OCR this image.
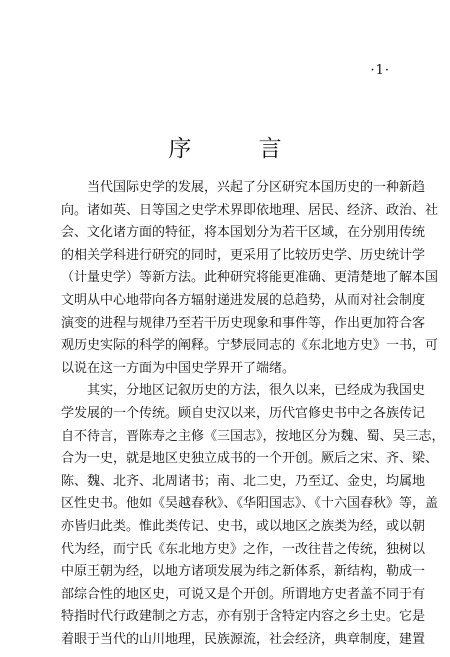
·1·
序 言
当代国际史学的发展，兴起了分区研究本国历史的一种新趋
向。诸如英、日等国之史学术界即依地理、居民、经济、政治、社
会、文化诸方面的特征，将本国划分为若干区域，在分别用传统
的相关学科进行研究的同时，更采用了比较历史学、历史统计学
（计量史学）等新方法。此种研究将能更准确、更清楚地了解本国
文明从中心地带向各方辐射递进发展的总趋势，从而对社会制度
演变的进程与规律乃至若干历史现象和事件等，作出更加符合客
观历史实际的科学的阐释。宁梦辰同志的《东北地方史》一书，可
以说在这一方面为中国史学界开了端绪。
其实，分地区记叙历史的方法，很久以来，已经成为我国史
学发展的一个传统。顾自史汉以来，历代官修史书中之各族传记
自不待言，晋陈寿之主修《三国志》，按地区分为魏、蜀、吴三志，
合为一史，就是地区史独立成书的一个开创。厥后之宋、齐、梁、
陈、魏、北齐、北周诸书；南、北二史，乃至辽、金史，均属地
区性史书。他如《吴越春秋》、《华阳国志》、《十六国春秋》等，盖
亦皆归此类。惟此类传记、史书，或以地区之族类为经，或以朝
代为经，而宁氏《东北地方史》之作，一改往昔之传统，独树以
中原王朝为经，以地方诸项发展为纬之新体系，新结构，勒成一
部综合性的地区史，可说又是个开创。所谓地方史者盖不同于有
特指时代行政建制之方志，亦有别于含特定内容之乡土史。它是
着眼于当代的山川地理，民族源流，社会经济，典章制度，建置
